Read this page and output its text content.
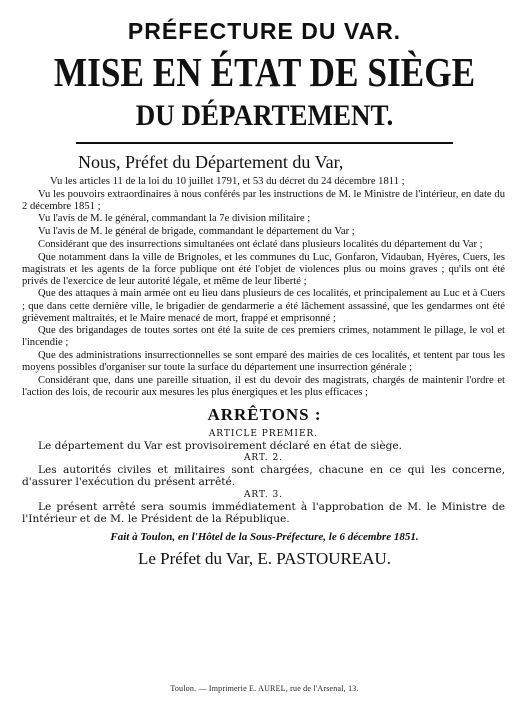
PRÉFECTURE DU VAR.
MISE EN ÉTAT DE SIÈGE
DU DÉPARTEMENT.
Nous, Préfet du Département du Var,

Vu les articles 11 de la loi du 10 juillet 1791, et 53 du décret du 24 décembre 1811 ;

Vu les pouvoirs extraordinaires à nous conférés par les instructions de M. le Ministre de l'intérieur, en date du 2 décembre 1851 ;

Vu l'avis de M. le général, commandant la 7e division militaire ;

Vu l'avis de M. le général de brigade, commandant le département du Var ;

Considérant que des insurrections simultanées ont éclaté dans plusieurs localités du département du Var ;

Que notamment dans la ville de Brignoles, et les communes du Luc, Gonfaron, Vidauban, Hyères, Cuers, les magistrats et les agents de la force publique ont été l'objet de violences plus ou moins graves ; qu'ils ont été privés de l'exercice de leur autorité légale, et même de leur liberté ;

Que des attaques à main armée ont eu lieu dans plusieurs de ces localités, et principalement au Luc et à Cuers ; que dans cette dernière ville, le brigadier de gendarmerie a été lâchement assassiné, que les gendarmes ont été grièvement maltraités, et le Maire menacé de mort, frappé et emprisonné ;

Que des brigandages de toutes sortes ont été la suite de ces premiers crimes, notamment le pillage, le vol et l'incendie ;

Que des administrations insurrectionnelles se sont emparé des mairies de ces localités, et tentent par tous les moyens possibles d'organiser sur toute la surface du département une insurrection générale ;

Considérant que, dans une pareille situation, il est du devoir des magistrats, chargés de maintenir l'ordre et l'action des lois, de recourir aux mesures les plus énergiques et les plus efficaces ;

ARRÊTONS :
ARTICLE PREMIER.

Le département du Var est provisoirement déclaré en état de siège.

ART. 2.

Les autorités civiles et militaires sont chargées, chacune en ce qui les concerne, d'assurer l'exécution du présent arrêté.

ART. 3.

Le présent arrêté sera soumis immédiatement à l'approbation de M. le Ministre de l'Intérieur et de M. le Président de la République.

Fait à Toulon, en l'Hôtel de la Sous-Préfecture, le 6 décembre 1851.
Le Préfet du Var, E. PASTOUREAU.
Toulon. — Imprimerie E. AUREL, rue de l'Arsenal, 13.
